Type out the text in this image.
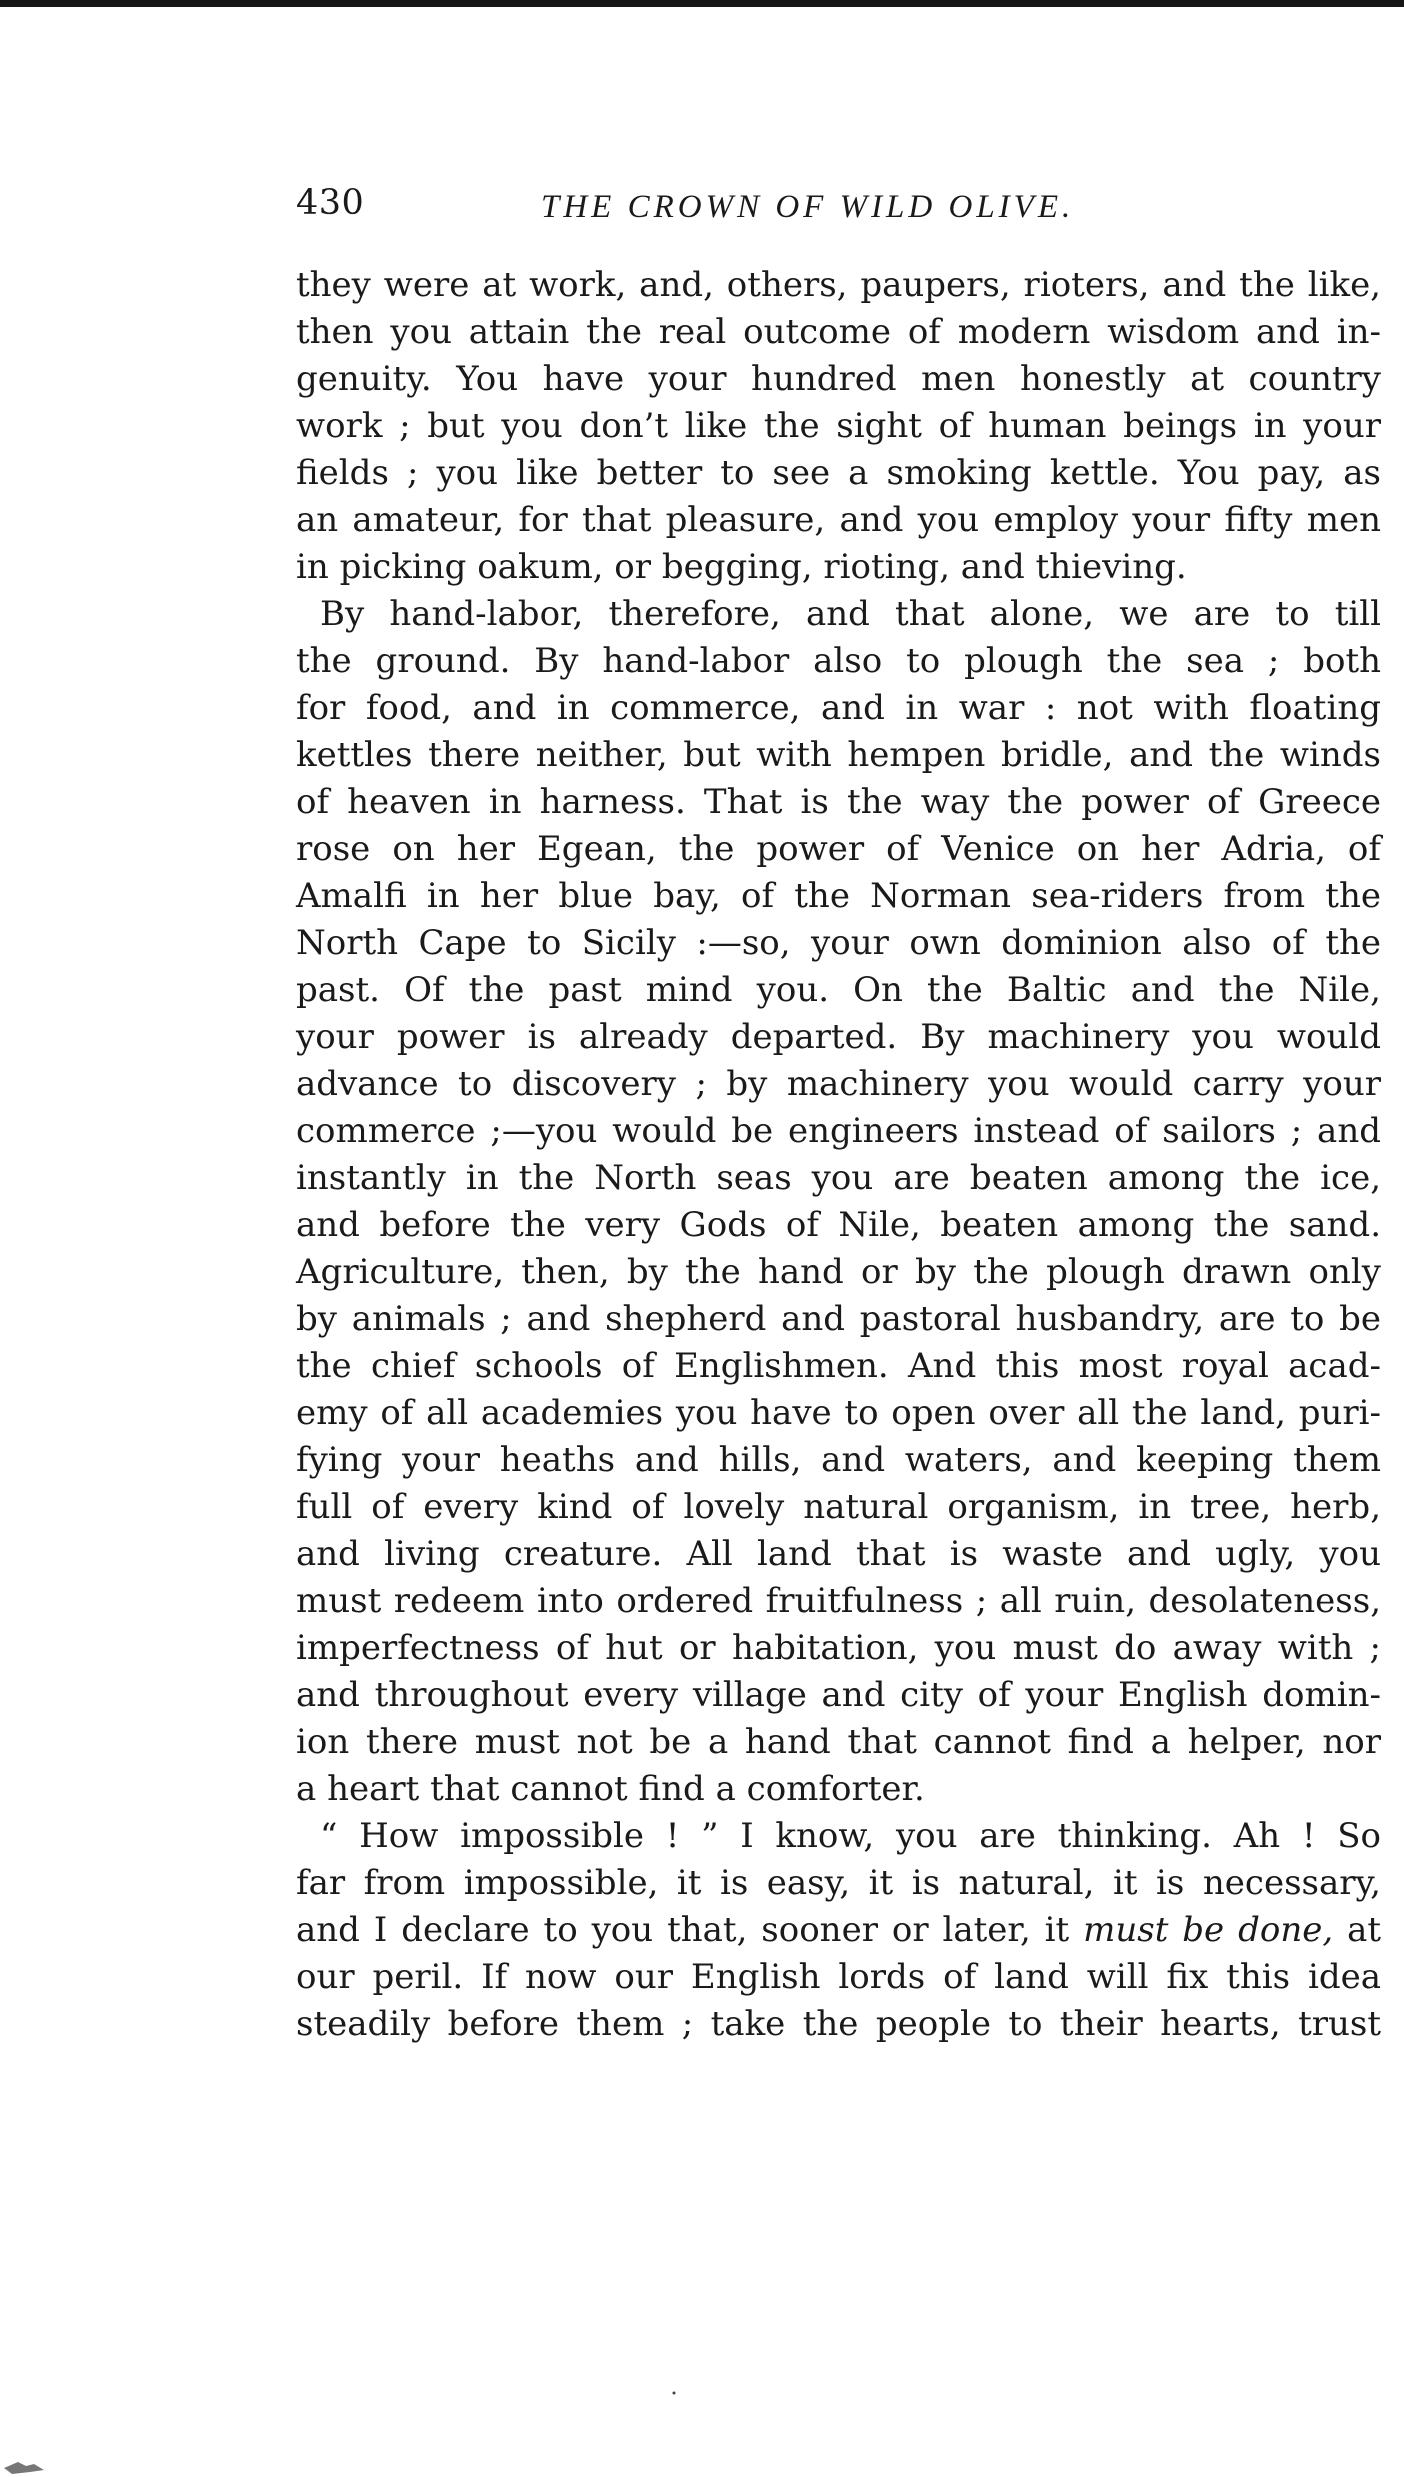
430	THE CROWN OF WILD OLIVE.
they were at work, and, others, paupers, rioters, and the like,
then you attain the real outcome of modern wisdom and in-
genuity. You have your hundred men honestly at country
work ; but you don’t like the sight of human beings in your
fields ; you like better to see a smoking kettle. You pay, as
an amateur, for that pleasure, and you employ your fifty men
in picking oakum, or begging, rioting, and thieving.
By hand-labor, therefore, and that alone, we are to till
the ground. By hand-labor also to plough the sea ; both
for food, and in commerce, and in war : not with floating
kettles there neither, but with hempen bridle, and the winds
of heaven in harness. That is the way the power of Greece
rose on her Egean, the power of Venice on her Adria, of
Amalfi in her blue bay, of the Norman sea-riders from the
North Cape to Sicily :—so, your own dominion also of the
past. Of the past mind you. On the Baltic and the Nile,
your power is already departed. By machinery you would
advance to discovery ; by machinery you would carry your
commerce ;—you would be engineers instead of sailors ; and
instantly in the North seas you are beaten among the ice,
and before the very Gods of Nile, beaten among the sand.
Agriculture, then, by the hand or by the plough drawn only
by animals ; and shepherd and pastoral husbandry, are to be
the chief schools of Englishmen. And this most royal acad-
emy of all academies you have to open over all the land, puri-
fying your heaths and hills, and waters, and keeping them
full of every kind of lovely natural organism, in tree, herb,
and living creature. All land that is waste and ugly, you
must redeem into ordered fruitfulness ; all ruin, desolateness,
imperfectness of hut or habitation, you must do away with ;
and throughout every village and city of your English domin-
ion there must not be a hand that cannot find a helper, nor
a heart that cannot find a comforter.
“ How impossible ! ” I know, you are thinking. Ah ! So
far from impossible, it is easy, it is natural, it is necessary,
and I declare to you that, sooner or later, it must be done, at
our peril. If now our English lords of land will fix this idea
steadily before them ; take the people to their hearts, trust
